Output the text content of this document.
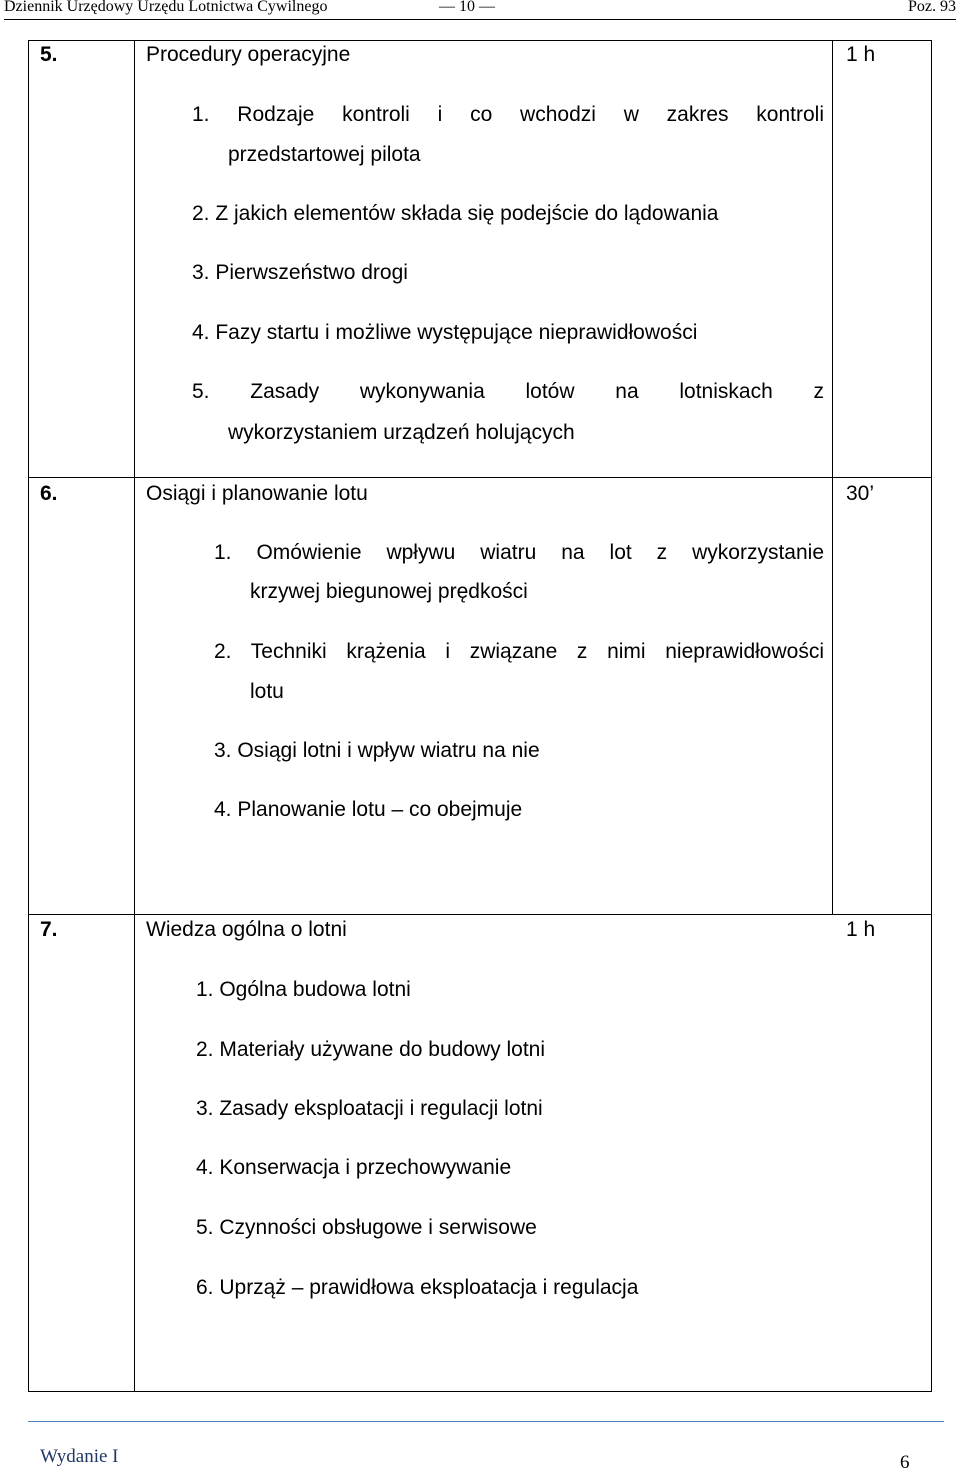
Dziennik Urzędowy Urzędu Lotnictwa Cywilnego	— 10 —	Poz. 93
5.	Procedury operacyjne	1 h
1. Rodzaje kontroli i co wchodzi w zakres kontroli
przedstartowej pilota
2. Z jakich elementów składa się podejście do lądowania
3. Pierwszeństwo drogi
4. Fazy startu i możliwe występujące nieprawidłowości
5. Zasady wykonywania lotów na lotniskach z
wykorzystaniem urządzeń holujących
6.	Osiągi i planowanie lotu	30’
1. Omówienie wpływu wiatru na lot z wykorzystanie
krzywej biegunowej prędkości
2. Techniki krążenia i związane z nimi nieprawidłowości
lotu
3. Osiągi lotni i wpływ wiatru na nie
4. Planowanie lotu – co obejmuje
7.	Wiedza ogólna o lotni	1 h
1. Ogólna budowa lotni
2. Materiały używane do budowy lotni
3. Zasady eksploatacji i regulacji lotni
4. Konserwacja i przechowywanie
5. Czynności obsługowe i serwisowe
6. Uprząż – prawidłowa eksploatacja i regulacja
Wydanie I	6
